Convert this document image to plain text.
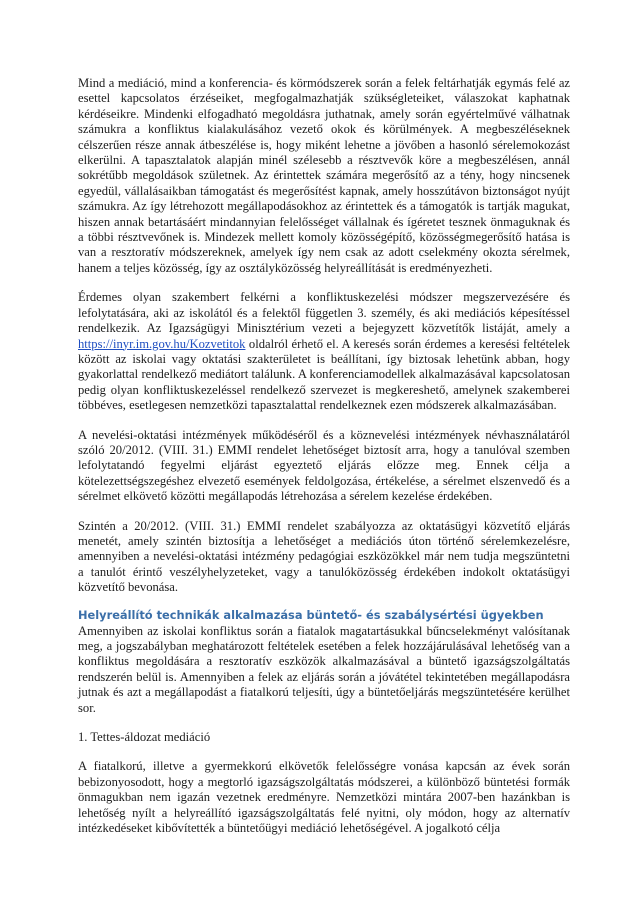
Mind a mediáció, mind a konferencia- és körmódszerek során a felek feltárhatják egymás felé az esettel kapcsolatos érzéseiket, megfogalmazhatják szükségleteiket, válaszokat kaphatnak kérdéseikre. Mindenki elfogadható megoldásra juthatnak, amely során egyértelművé válhatnak számukra a konfliktus kialakulásához vezető okok és körülmények. A megbeszéléseknek célszerűen része annak átbeszélése is, hogy miként lehetne a jövőben a hasonló sérelemokozást elkerülni. A tapasztalatok alapján minél szélesebb a résztvevők köre a megbeszélésen, annál sokrétűbb megoldások születnek. Az érintettek számára megerősítő az a tény, hogy nincsenek egyedül, vállalásaikban támogatást és megerősítést kapnak, amely hosszútávon biztonságot nyújt számukra. Az így létrehozott megállapodásokhoz az érintettek és a támogatók is tartják magukat, hiszen annak betartásáért mindannyian felelősséget vállalnak és ígéretet tesznek önmaguknak és a többi résztvevőnek is. Mindezek mellett komoly közösségépítő, közösségmegerősítő hatása is van a resztoratív módszereknek, amelyek így nem csak az adott cselekmény okozta sérelmek, hanem a teljes közösség, így az osztályközösség helyreállítását is eredményezheti.

Érdemes olyan szakembert felkérni a konfliktuskezelési módszer megszervezésére és lefolytatására, aki az iskolától és a felektől független 3. személy, és aki mediációs képesítéssel rendelkezik. Az Igazságügyi Minisztérium vezeti a bejegyzett közvetítők listáját, amely a https://inyr.im.gov.hu/Kozvetitok oldalról érhető el. A keresés során érdemes a keresési feltételek között az iskolai vagy oktatási szakterületet is beállítani, így biztosak lehetünk abban, hogy gyakorlattal rendelkező mediátort találunk. A konferenciamodellek alkalmazásával kapcsolatosan pedig olyan konfliktuskezeléssel rendelkező szervezet is megkereshető, amelynek szakemberei többéves, esetlegesen nemzetközi tapasztalattal rendelkeznek ezen módszerek alkalmazásában.

A nevelési-oktatási intézmények működéséről és a köznevelési intézmények névhasználatáról szóló 20/2012. (VIII. 31.) EMMI rendelet lehetőséget biztosít arra, hogy a tanulóval szemben lefolytatandó fegyelmi eljárást egyeztető eljárás előzze meg. Ennek célja a kötelezettségszegéshez elvezető események feldolgozása, értékelése, a sérelmet elszenvedő és a sérelmet elkövető közötti megállapodás létrehozása a sérelem kezelése érdekében.

Szintén a 20/2012. (VIII. 31.) EMMI rendelet szabályozza az oktatásügyi közvetítő eljárás menetét, amely szintén biztosítja a lehetőséget a mediációs úton történő sérelemkezelésre, amennyiben a nevelési-oktatási intézmény pedagógiai eszközökkel már nem tudja megszüntetni a tanulót érintő veszélyhelyzeteket, vagy a tanulóközösség érdekében indokolt oktatásügyi közvetítő bevonása.

Helyreállító technikák alkalmazása büntető- és szabálysértési ügyekben

Amennyiben az iskolai konfliktus során a fiatalok magatartásukkal bűncselekményt valósítanak meg, a jogszabályban meghatározott feltételek esetében a felek hozzájárulásával lehetőség van a konfliktus megoldására a resztoratív eszközök alkalmazásával a büntető igazságszolgáltatás rendszerén belül is. Amennyiben a felek az eljárás során a jóvátétel tekintetében megállapodásra jutnak és azt a megállapodást a fiatalkorú teljesíti, úgy a büntetőeljárás megszüntetésére kerülhet sor.

1. Tettes-áldozat mediáció

A fiatalkorú, illetve a gyermekkorú elkövetők felelősségre vonása kapcsán az évek során bebizonyosodott, hogy a megtorló igazságszolgáltatás módszerei, a különböző büntetési formák önmagukban nem igazán vezetnek eredményre. Nemzetközi mintára 2007-ben hazánkban is lehetőség nyílt a helyreállító igazságszolgáltatás felé nyitni, oly módon, hogy az alternatív intézkedéseket kibővítették a büntetőügyi mediáció lehetőségével. A jogalkotó célja
